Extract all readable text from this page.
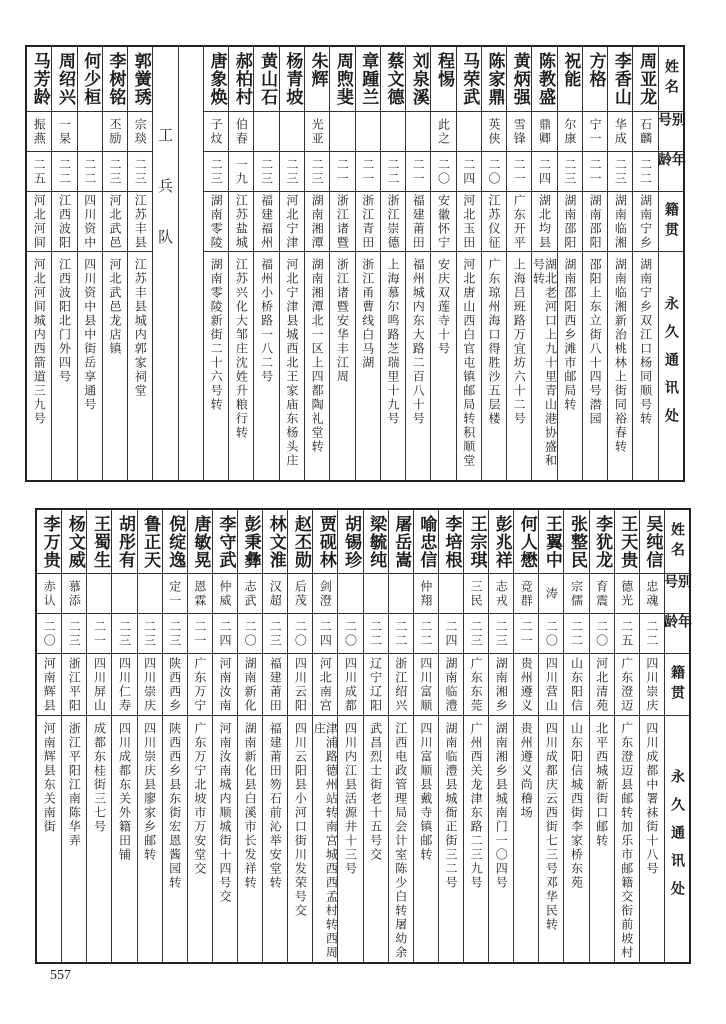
姓名
别号
年龄
籍贯
永久通讯处
周亚龙
石麟
二二
湖南宁乡
湖南宁乡双江口杨同顺号转
李香山
华成
二三
湖南临湘
湖南临湘新治桃林上街同裕春转
方格
宁一
二一
湖南邵阳
邵阳上东立街八十四号潜园
祝能
尔康
二三
湖南邵阳
湖南邵阳西乡滩市邮局转
陈教盛
鼎卿
二四
湖北均县
湖北老河口上九十里青山港协盛和号转
黄炳强
雪锋
二一
广东开平
上海吕班路万宜坊六十二号
陈家鼎
英侠
二〇
江苏仪征
广东琼州海口得胜沙五层楼
马荣武
二四
河北玉田
河北唐山西白官屯镇邮局转积顺堂
程惕
此之
二〇
安徽怀宁
安庆双莲寺十号
刘泉溪
二一
福建莆田
福州城内东大路二百八十号
蔡文德
二二
浙江崇德
上海慕尔鸣路芝瑞里十九号
章踵兰
二一
浙江青田
浙江甬曹线白马湖
周煦斐
二一
浙江诸暨
浙江诸暨安华丰江周
朱辉
光亚
二三
湖南湘潭
湖南湘潭北一区上四都陶礼堂转
杨青坡
二三
河北宁津
河北宁津县城西北王家庙东杨头庄
黄山石
二三
福建福州
福州小桥路一八二号
郝柏村
伯春
一九
江苏盐城
江苏兴化大邹庄沈姓升粮行转
唐象焕
子炆
二三
湖南零陵
湖南零陵新街二十六号转
工兵队
郭黉琇
宗琰
二三
江苏丰县
江苏丰县城内郭家祠堂
李树铭
丕励
二三
河北武邑
河北武邑龙店镇
何少桓
二二
四川资中
四川资中县中街岳享通号
周绍兴
一杲
二二
江西波阳
江西波阳北门外四号
马芳龄
振燕
二五
河北河间
河北河间城内西箭道三九号
姓名
别号
年龄
籍贯
永久通讯处
吴纯信
忠魂
二二
四川崇庆
四川成都中署袜街十八号
王天贵
德光
二五
广东澄迈
广东澄迈县邮转加乐市邮籍交衔前坡村
李犹龙
育震
二〇
河北清苑
北平西城新街口邮转
张整民
宗儒
二二
山东阳信
山东阳信城西街李家桥东苑
王翼中
涛
二〇
四川营山
四川成都庆云西街七三号邓华民转
何人懋
竞群
二一
贵州遵义
贵州遵义尚稽场
彭兆祥
志戎
二三
湖南湘乡
湖南湘乡县城南门一〇四号
王宗琪
三民
二三
广东东莞
广州西关龙津东路二三九号
李培根
二四
湖南临澧
湖南临澧县城衙正街三二号
喻忠信
仲翔
二二
四川富顺
四川富顺县戴寺镇邮转
屠岳嵩
二二
浙江绍兴
江西电政管理局会计室陈少白转屠幼余
梁毓纯
二二
辽宁辽阳
武昌烈士街老十五号交
胡锡珍
二〇
四川成都
四川内江县活源井十三号
贾砚林
剑澄
二四
河北南宫
津浦路德州站转南宫城西西孟村转西周庄
赵丕勋
后茂
二〇
四川云阳
四川云阳县小河口街川发荣号交
林文淮
汉超
二三
福建莆田
福建莆田笏石前沁举安堂转
彭秉彝
志武
二〇
湖南新化
湖南新化县白溪市长发祥转
李守武
仲威
二四
河南汝南
河南汝南城内顺城街十四号交
唐敏晃
恩霖
二一
广东万宁
广东万宁北坡市万安堂交
倪绽逸
定一
二三
陕西西乡
陕西西乡县东街宏恩酱园转
鲁正天
二三
四川崇庆
四川崇庆县廖家乡邮转
胡彤有
二三
四川仁寿
四川成都东关外籍田铺
王蜀生
二一
四川屏山
成都东桂街三七号
杨文威
慕添
二三
浙江平阳
浙江平阳江南陈华弄
李万贵
赤认
二〇
河南辉县
河南辉县东关南街
557
